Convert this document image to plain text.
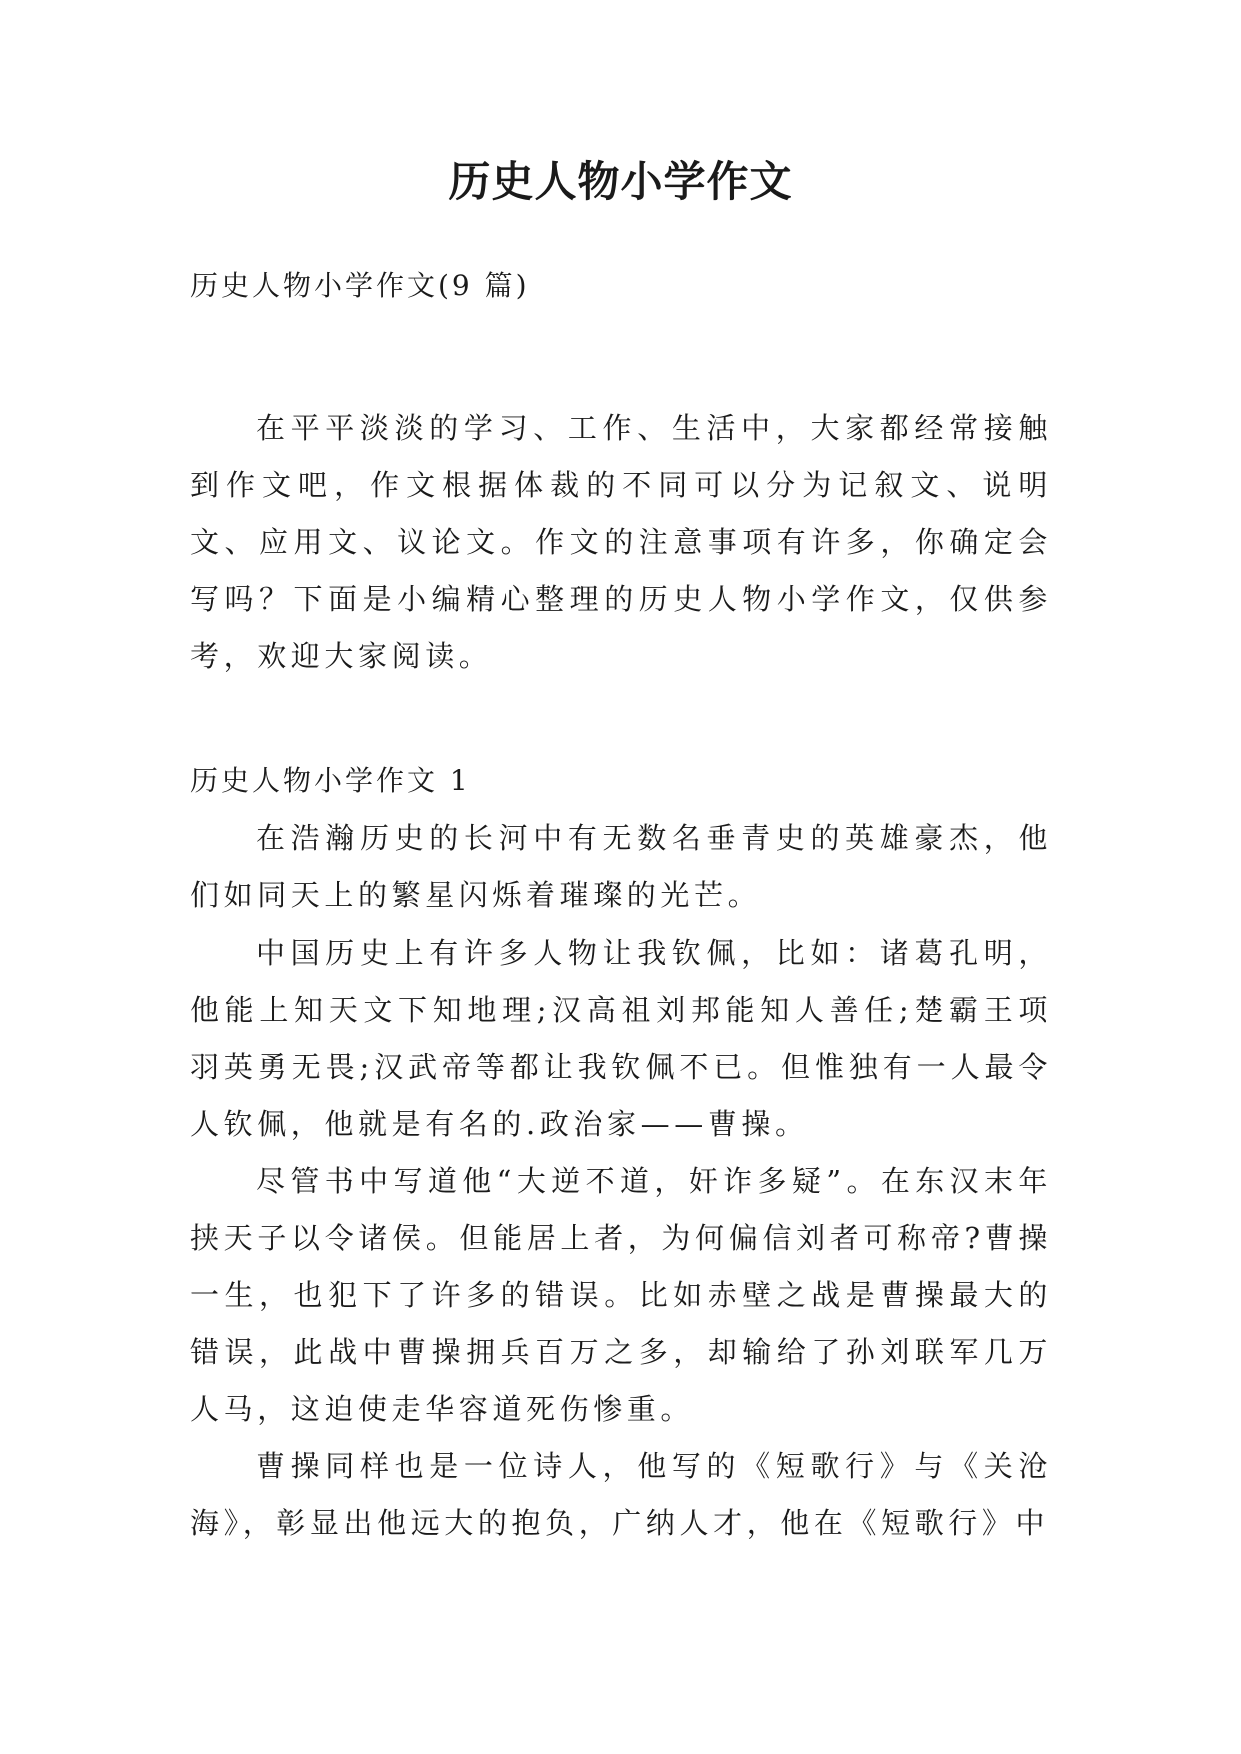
历史人物小学作文

历史人物小学作文(9 篇)

在平平淡淡的学习、工作、生活中，大家都经常接触到作文吧，作文根据体裁的不同可以分为记叙文、说明文、应用文、议论文。作文的注意事项有许多，你确定会写吗？下面是小编精心整理的历史人物小学作文，仅供参考，欢迎大家阅读。

历史人物小学作文 1

在浩瀚历史的长河中有无数名垂青史的英雄豪杰，他们如同天上的繁星闪烁着璀璨的光芒。

中国历史上有许多人物让我钦佩，比如：诸葛孔明，他能上知天文下知地理;汉高祖刘邦能知人善任;楚霸王项羽英勇无畏;汉武帝等都让我钦佩不已。但惟独有一人最令人钦佩，他就是有名的.政治家——曹操。

尽管书中写道他“大逆不道，奸诈多疑”。在东汉末年挟天子以令诸侯。但能居上者，为何偏信刘者可称帝?曹操一生，也犯下了许多的错误。比如赤壁之战是曹操最大的错误，此战中曹操拥兵百万之多，却输给了孙刘联军几万人马，这迫使走华容道死伤惨重。

曹操同样也是一位诗人，他写的《短歌行》与《关沧海》，彰显出他远大的抱负，广纳人才，他在《短歌行》中
